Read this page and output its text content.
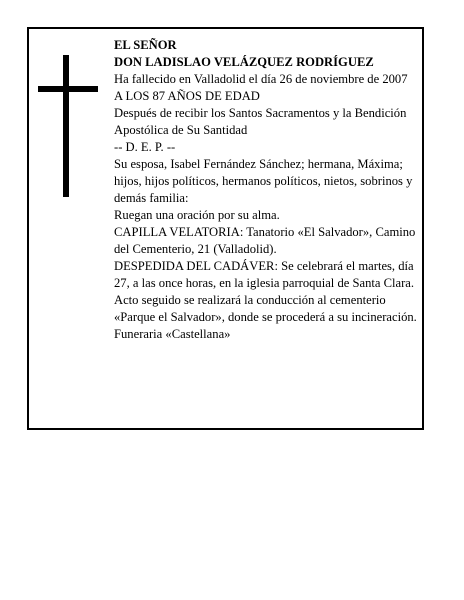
EL SEÑOR

DON LADISLAO VELÁZQUEZ RODRÍGUEZ

Ha fallecido en Valladolid el día 26 de noviembre de 2007

A LOS 87 AÑOS DE EDAD

Después de recibir los Santos Sacramentos y la Bendición Apostólica de Su Santidad

-- D. E. P. --

Su esposa, Isabel Fernández Sánchez; hermana, Máxima; hijos, hijos políticos, hermanos políticos, nietos, sobrinos y demás familia:

Ruegan una oración por su alma.

CAPILLA VELATORIA: Tanatorio «El Salvador», Camino del Cementerio, 21 (Valladolid).

DESPEDIDA DEL CADÁVER: Se celebrará el martes, día 27, a las once horas, en la iglesia parroquial de Santa Clara. Acto seguido se realizará la conducción al cementerio «Parque el Salvador», donde se procederá a su incineración.

Funeraria «Castellana»
